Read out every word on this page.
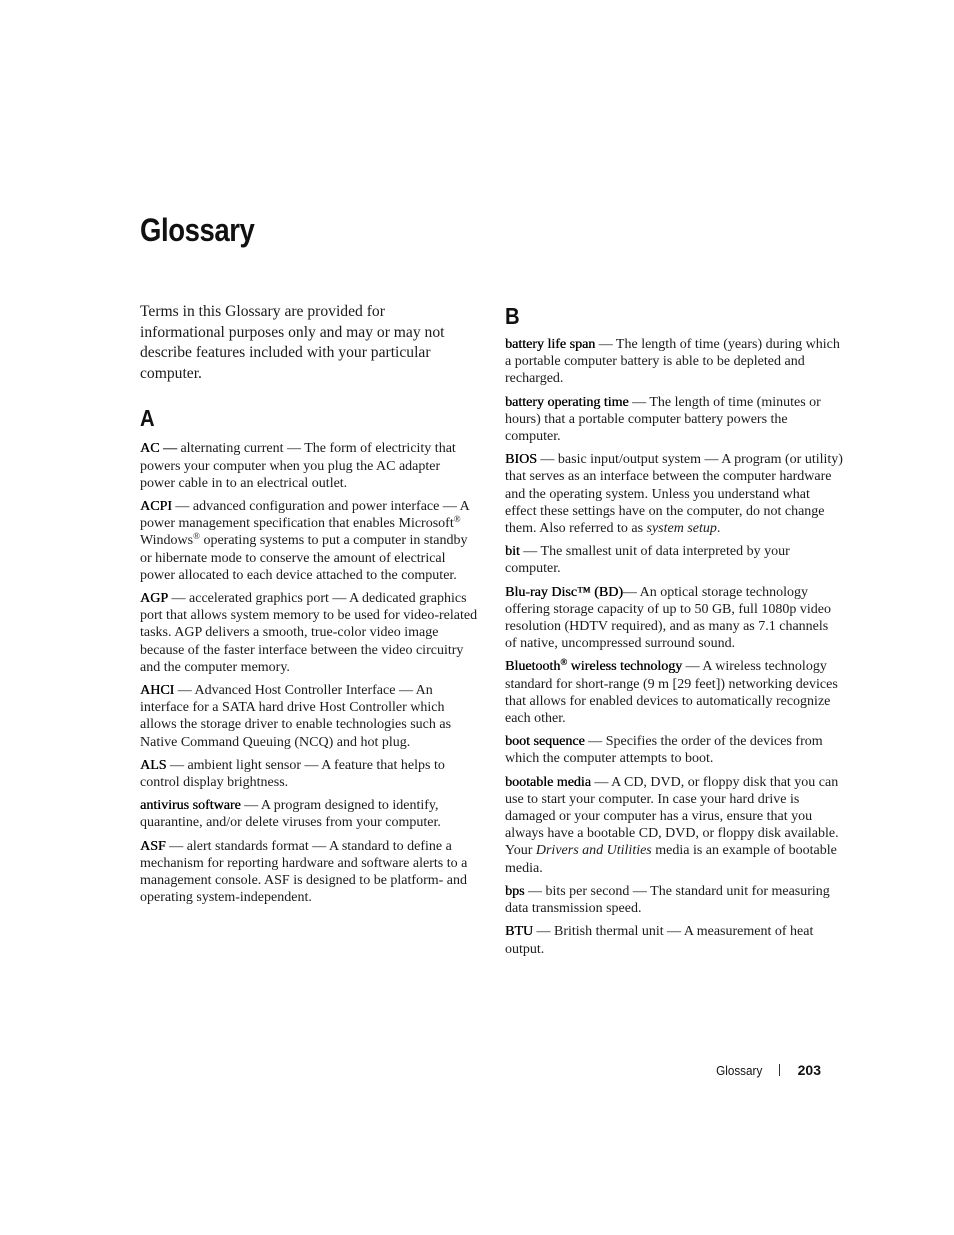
Glossary

Terms in this Glossary are provided for informational purposes only and may or may not describe features included with your particular computer.

A

AC — alternating current — The form of electricity that powers your computer when you plug the AC adapter power cable in to an electrical outlet.

ACPI — advanced configuration and power interface — A power management specification that enables Microsoft® Windows® operating systems to put a computer in standby or hibernate mode to conserve the amount of electrical power allocated to each device attached to the computer.

AGP — accelerated graphics port — A dedicated graphics port that allows system memory to be used for video-related tasks. AGP delivers a smooth, true-color video image because of the faster interface between the video circuitry and the computer memory.

AHCI — Advanced Host Controller Interface — An interface for a SATA hard drive Host Controller which allows the storage driver to enable technologies such as Native Command Queuing (NCQ) and hot plug.

ALS — ambient light sensor — A feature that helps to control display brightness.

antivirus software — A program designed to identify, quarantine, and/or delete viruses from your computer.

ASF — alert standards format — A standard to define a mechanism for reporting hardware and software alerts to a management console. ASF is designed to be platform- and operating system-independent.

B

battery life span — The length of time (years) during which a portable computer battery is able to be depleted and recharged.

battery operating time — The length of time (minutes or hours) that a portable computer battery powers the computer.

BIOS — basic input/output system — A program (or utility) that serves as an interface between the computer hardware and the operating system. Unless you understand what effect these settings have on the computer, do not change them. Also referred to as system setup.

bit — The smallest unit of data interpreted by your computer.

Blu-ray Disc™ (BD)— An optical storage technology offering storage capacity of up to 50 GB, full 1080p video resolution (HDTV required), and as many as 7.1 channels of native, uncompressed surround sound.

Bluetooth® wireless technology — A wireless technology standard for short-range (9 m [29 feet]) networking devices that allows for enabled devices to automatically recognize each other.

boot sequence — Specifies the order of the devices from which the computer attempts to boot.

bootable media — A CD, DVD, or floppy disk that you can use to start your computer. In case your hard drive is damaged or your computer has a virus, ensure that you always have a bootable CD, DVD, or floppy disk available. Your Drivers and Utilities media is an example of bootable media.

bps — bits per second — The standard unit for measuring data transmission speed.

BTU — British thermal unit — A measurement of heat output.

Glossary	203
